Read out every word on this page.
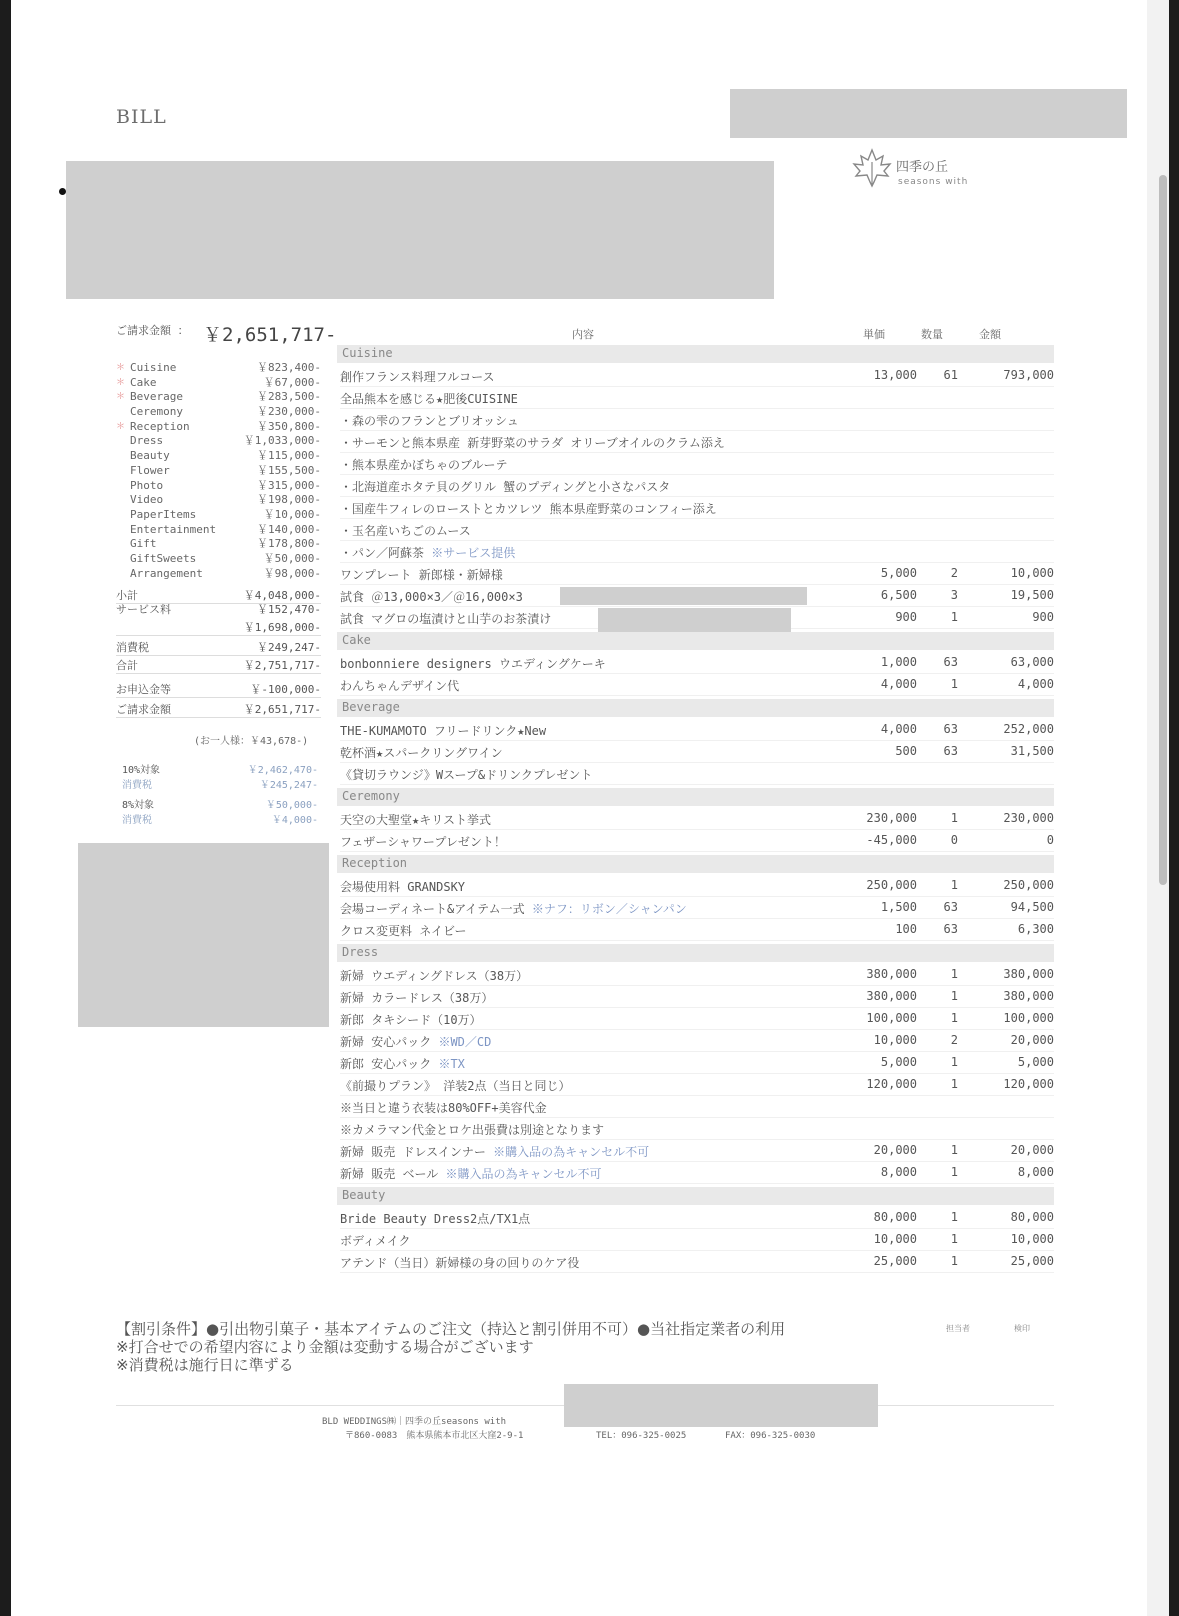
BILL
四季の丘
seasons with
ご請求金額 ： ￥2,651,717-
＊ Cuisine	￥823,400-
＊ Cake	￥67,000-
＊ Beverage	￥283,500-
Ceremony	￥230,000-
＊ Reception	￥350,800-
Dress	￥1,033,000-
Beauty	￥115,000-
Flower	￥155,500-
Photo	￥315,000-
Video	￥198,000-
PaperItems	￥10,000-
Entertainment	￥140,000-
Gift	￥178,800-
GiftSweets	￥50,000-
Arrangement	￥98,000-
小計	￥4,048,000-
サービス料	￥152,470-
￥1,698,000-
消費税	￥249,247-
合計	￥2,751,717-
お申込金等	￥-100,000-
ご請求金額	￥2,651,717-
(お一人様：￥43,678-)
10%対象	￥2,462,470-
消費税	￥245,247-
8%対象	￥50,000-
消費税	￥4,000-
内容	単価	数量	金額
Cuisine
創作フランス料理フルコース	13,000 61	793,000
全品熊本を感じる★肥後CUISINE
・森の雫のフランとブリオッシュ
・サーモンと熊本県産 新芽野菜のサラダ オリーブオイルのクラム添え
・熊本県産かぼちゃのブルーテ
・北海道産ホタテ貝のグリル 蟹のプディングと小さなパスタ
・国産牛フィレのローストとカツレツ 熊本県産野菜のコンフィー添え
・玉名産いちごのムース
・パン／阿蘇茶 ※サービス提供
ワンプレート 新郎様・新婦様	5,000	2	10,000
試食 ＠13,000×3／＠16,000×3	6,500	3	19,500
試食 マグロの塩漬けと山芋のお茶漬け	900	1	900
Cake
bonbonniere designers ウエディングケーキ	1,000 63	63,000
わんちゃんデザイン代	4,000	1	4,000
Beverage
THE-KUMAMOTO フリードリンク★New	4,000 63	252,000
乾杯酒★スパークリングワイン	500 63	31,500
《貸切ラウンジ》Wスープ&ドリンクプレゼント
Ceremony
天空の大聖堂★キリスト挙式	230,000	1	230,000
フェザーシャワープレゼント！	-45,000	0	0
Reception
会場使用料 GRANDSKY	250,000	1	250,000
会場コーディネート&アイテム一式 ※ナフ：リボン／シャンパン	1,500 63	94,500
クロス変更料 ネイビー	100 63	6,300
Dress
新婦 ウエディングドレス（38万）	380,000	1	380,000
新婦 カラードレス（38万）	380,000	1	380,000
新郎 タキシード（10万）	100,000	1	100,000
新婦 安心パック ※WD／CD	10,000	2	20,000
新郎 安心パック ※TX	5,000	1	5,000
《前撮りプラン》 洋装2点（当日と同じ）	120,000	1	120,000
※当日と違う衣装は80%OFF+美容代金
※カメラマン代金とロケ出張費は別途となります
新婦 販売 ドレスインナー ※購入品の為キャンセル不可	20,000	1	20,000
新婦 販売 ベール ※購入品の為キャンセル不可	8,000	1	8,000
Beauty
Bride Beauty Dress2点/TX1点	80,000	1	80,000
ボディメイク	10,000	1	10,000
アテンド（当日）新婦様の身の回りのケア役	25,000	1	25,000
【割引条件】●引出物引菓子・基本アイテムのご注文（持込と割引併用不可）●当社指定業者の利用
※打合せでの希望内容により金額は変動する場合がございます
※消費税は施行日に準ずる
担当者	検印
BLD WEDDINGS㈱｜四季の丘seasons with
〒860-0083　熊本県熊本市北区大窪2-9-1	TEL：096-325-0025	FAX：096-325-0030
